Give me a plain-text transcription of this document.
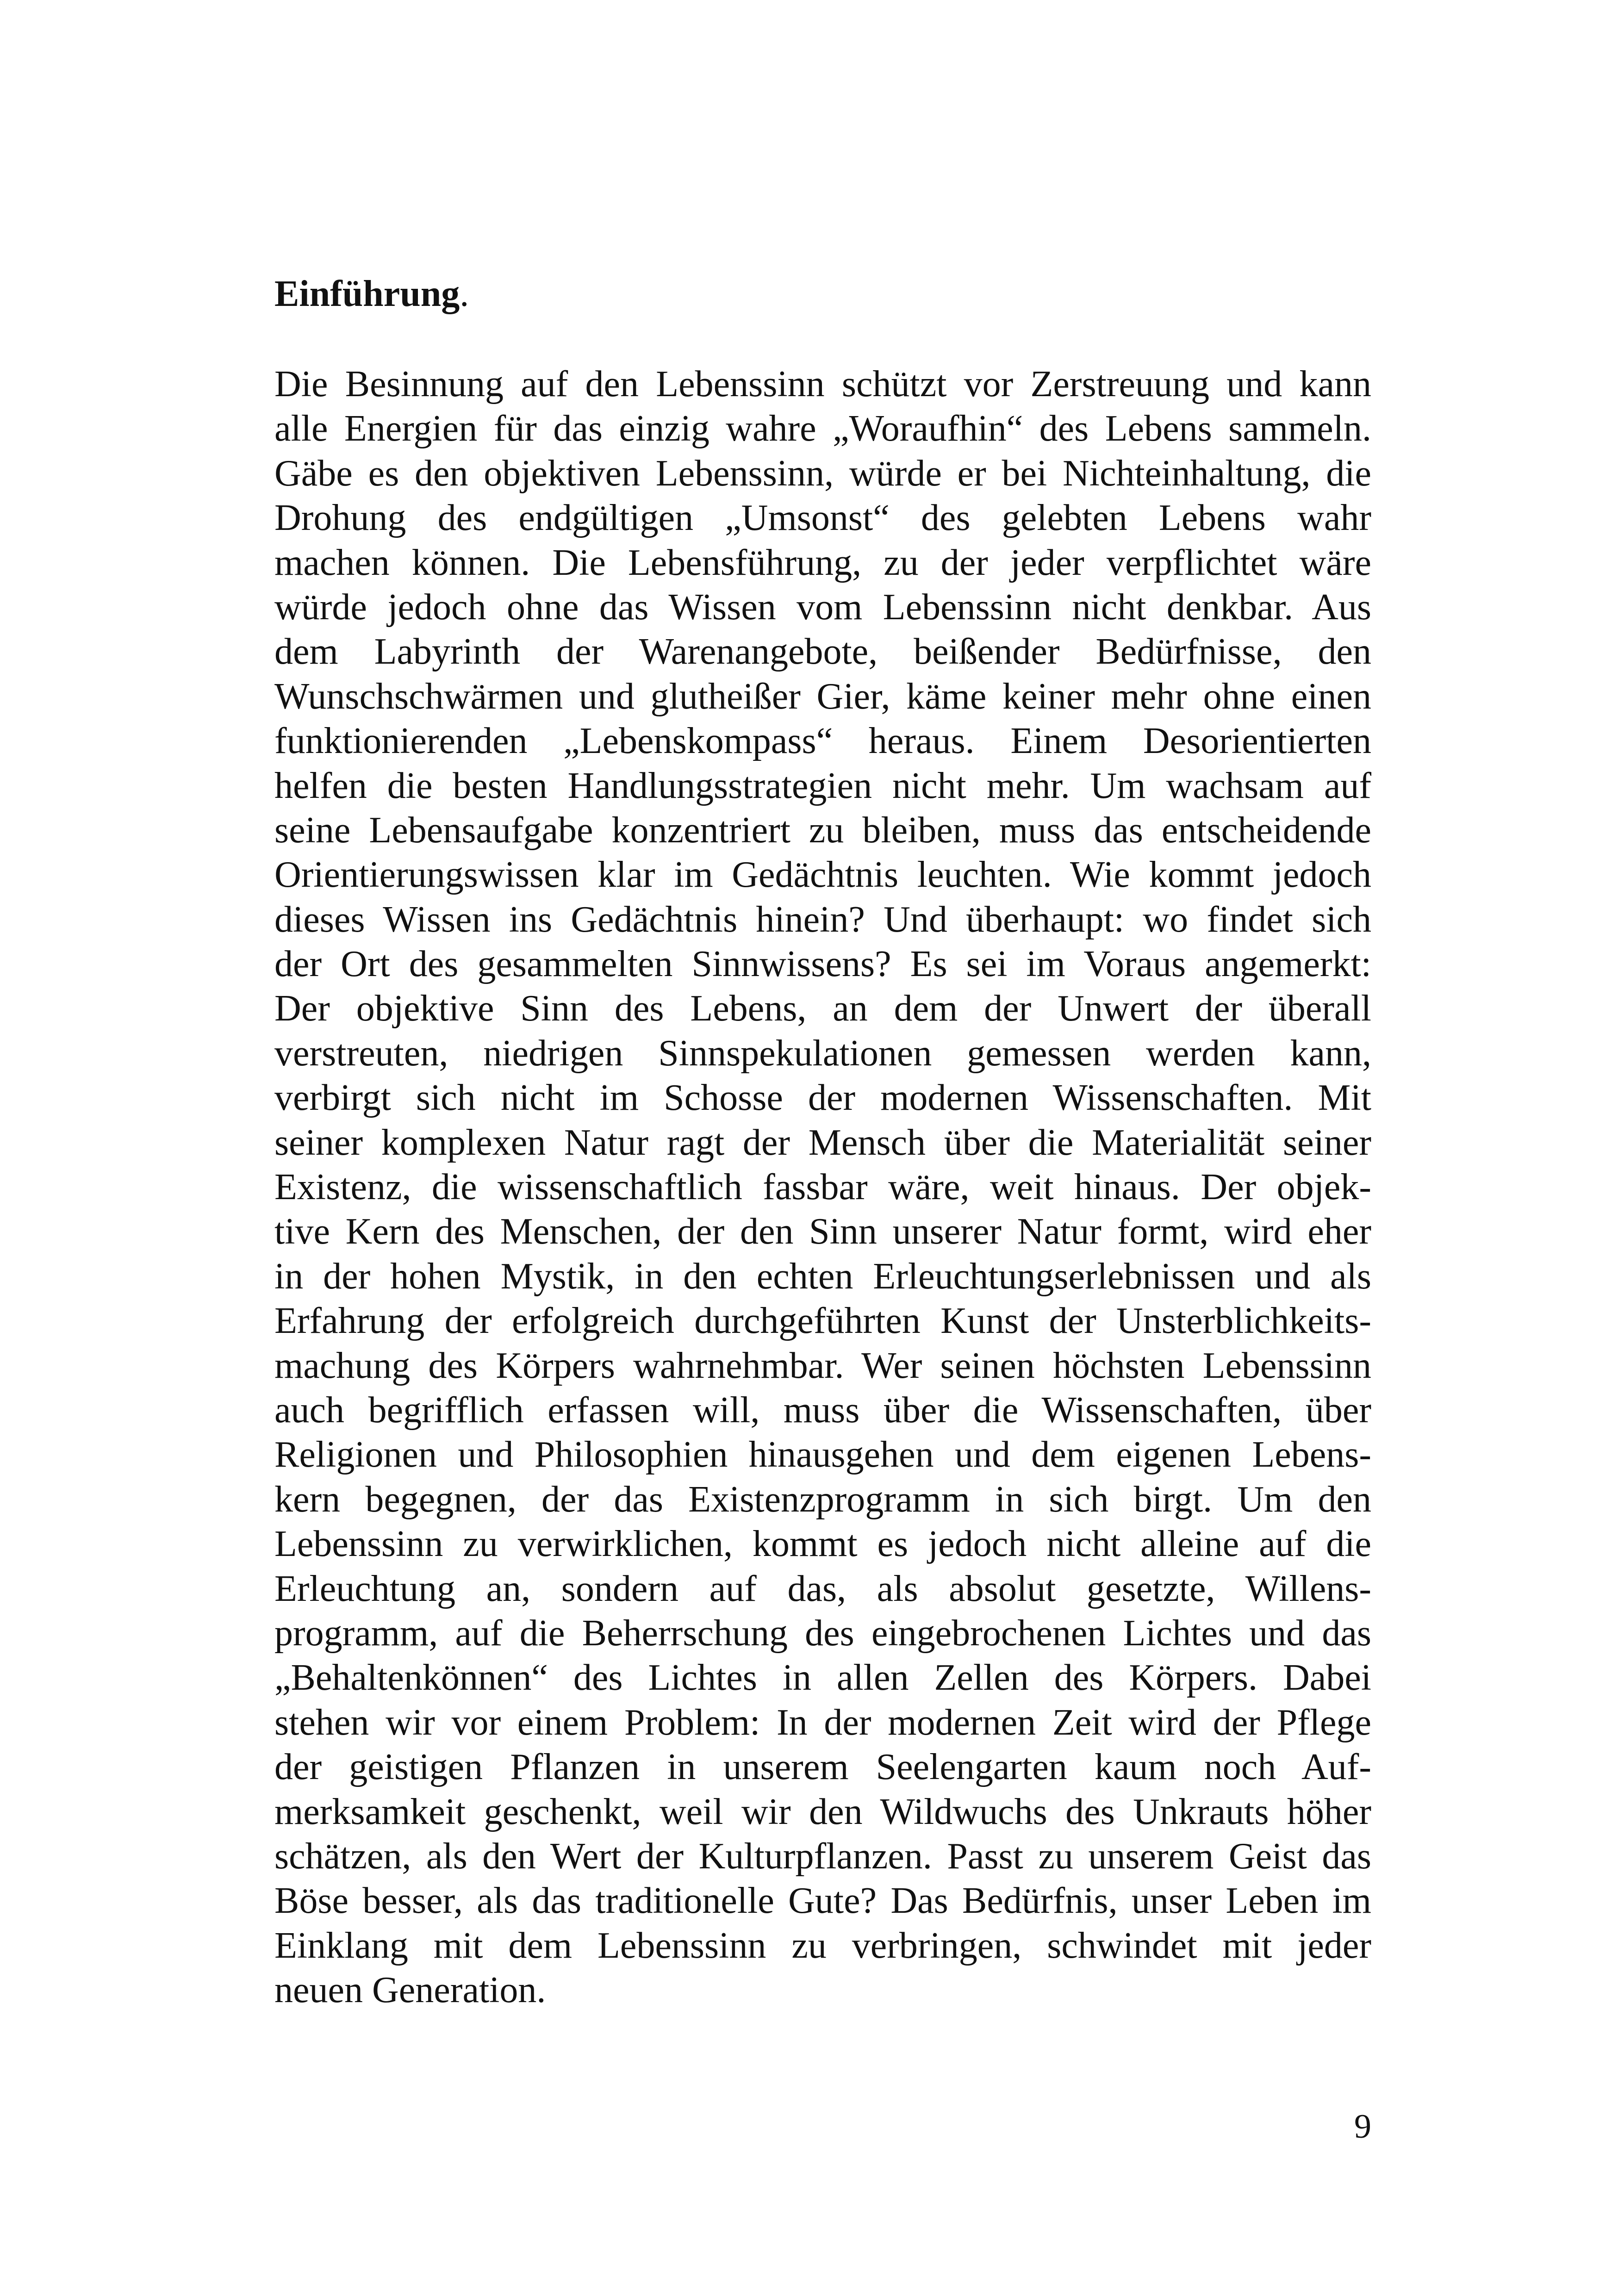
Einführung.
Die Besinnung auf den Lebenssinn schützt vor Zerstreuung und kann
alle Energien für das einzig wahre „Woraufhin“ des Lebens sammeln.
Gäbe es den objektiven Lebenssinn, würde er bei Nichteinhaltung, die
Drohung des endgültigen „Umsonst“ des gelebten Lebens wahr
machen können. Die Lebensführung, zu der jeder verpflichtet wäre
würde jedoch ohne das Wissen vom Lebenssinn nicht denkbar. Aus
dem Labyrinth der Warenangebote, beißender Bedürfnisse, den
Wunschschwärmen und glutheißer Gier, käme keiner mehr ohne einen
funktionierenden „Lebenskompass“ heraus. Einem Desorientierten
helfen die besten Handlungsstrategien nicht mehr. Um wachsam auf
seine Lebensaufgabe konzentriert zu bleiben, muss das entscheidende
Orientierungswissen klar im Gedächtnis leuchten. Wie kommt jedoch
dieses Wissen ins Gedächtnis hinein? Und überhaupt: wo findet sich
der Ort des gesammelten Sinnwissens? Es sei im Voraus angemerkt:
Der objektive Sinn des Lebens, an dem der Unwert der überall
verstreuten, niedrigen Sinnspekulationen gemessen werden kann,
verbirgt sich nicht im Schosse der modernen Wissenschaften. Mit
seiner komplexen Natur ragt der Mensch über die Materialität seiner
Existenz, die wissenschaftlich fassbar wäre, weit hinaus. Der objek-
tive Kern des Menschen, der den Sinn unserer Natur formt, wird eher
in der hohen Mystik, in den echten Erleuchtungserlebnissen und als
Erfahrung der erfolgreich durchgeführten Kunst der Unsterblichkeits-
machung des Körpers wahrnehmbar. Wer seinen höchsten Lebenssinn
auch begrifflich erfassen will, muss über die Wissenschaften, über
Religionen und Philosophien hinausgehen und dem eigenen Lebens-
kern begegnen, der das Existenzprogramm in sich birgt. Um den
Lebenssinn zu verwirklichen, kommt es jedoch nicht alleine auf die
Erleuchtung an, sondern auf das, als absolut gesetzte, Willens-
programm, auf die Beherrschung des eingebrochenen Lichtes und das
„Behaltenkönnen“ des Lichtes in allen Zellen des Körpers. Dabei
stehen wir vor einem Problem: In der modernen Zeit wird der Pflege
der geistigen Pflanzen in unserem Seelengarten kaum noch Auf-
merksamkeit geschenkt, weil wir den Wildwuchs des Unkrauts höher
schätzen, als den Wert der Kulturpflanzen. Passt zu unserem Geist das
Böse besser, als das traditionelle Gute? Das Bedürfnis, unser Leben im
Einklang mit dem Lebenssinn zu verbringen, schwindet mit jeder
neuen Generation.
9
